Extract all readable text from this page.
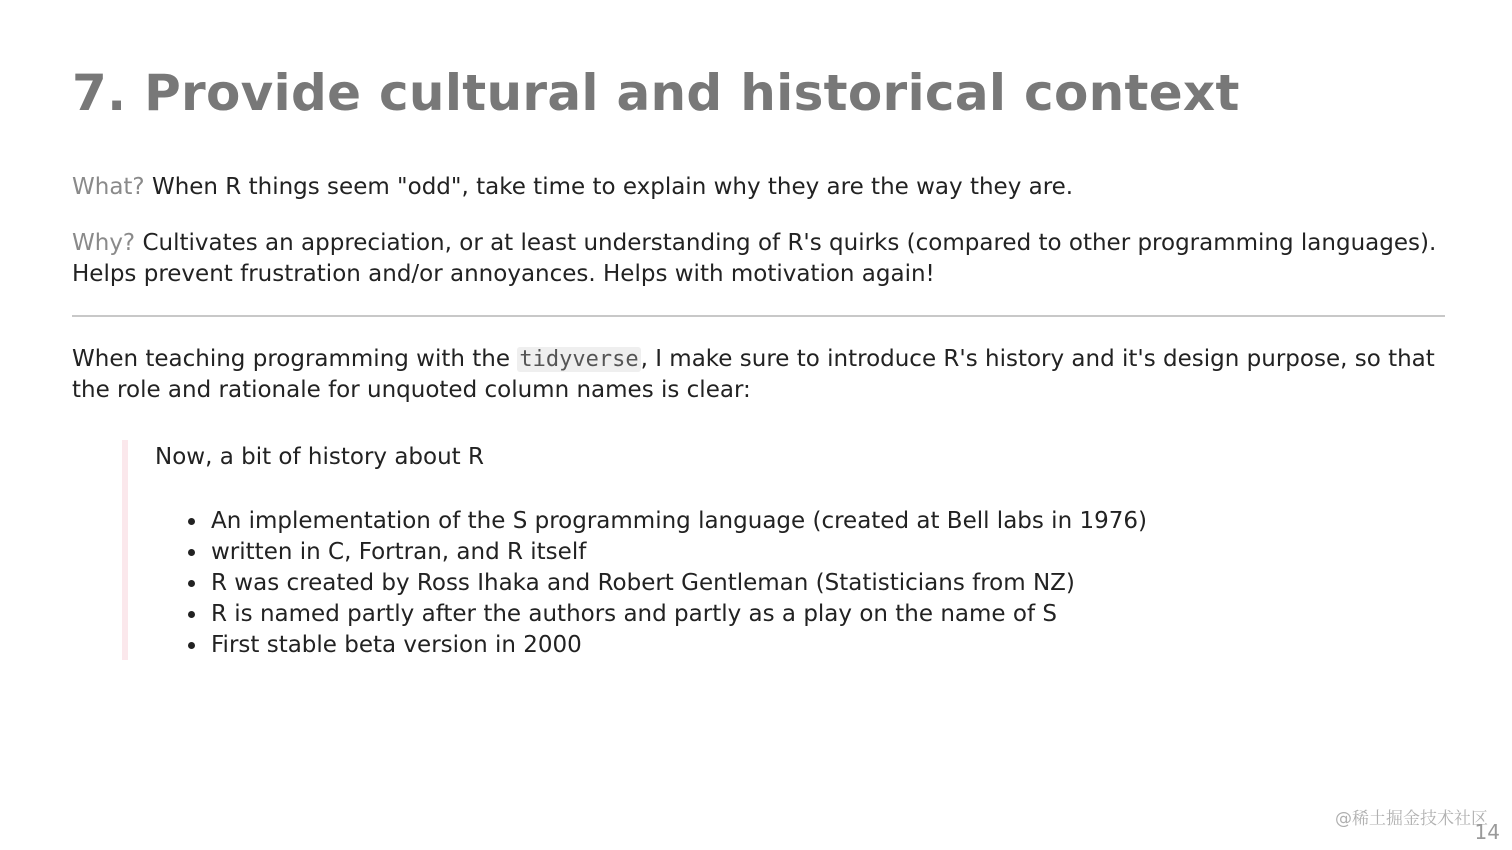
7. Provide cultural and historical context

What? When R things seem "odd", take time to explain why they are the way they are.

Why? Cultivates an appreciation, or at least understanding of R's quirks (compared to other programming languages). Helps prevent frustration and/or annoyances. Helps with motivation again!

When teaching programming with the tidyverse, I make sure to introduce R's history and it's design purpose, so that the role and rationale for unquoted column names is clear:

Now, a bit of history about R

An implementation of the S programming language (created at Bell labs in 1976)
written in C, Fortran, and R itself
R was created by Ross Ihaka and Robert Gentleman (Statisticians from NZ)
R is named partly after the authors and partly as a play on the name of S
First stable beta version in 2000
@稀土掘金技术社区
14
